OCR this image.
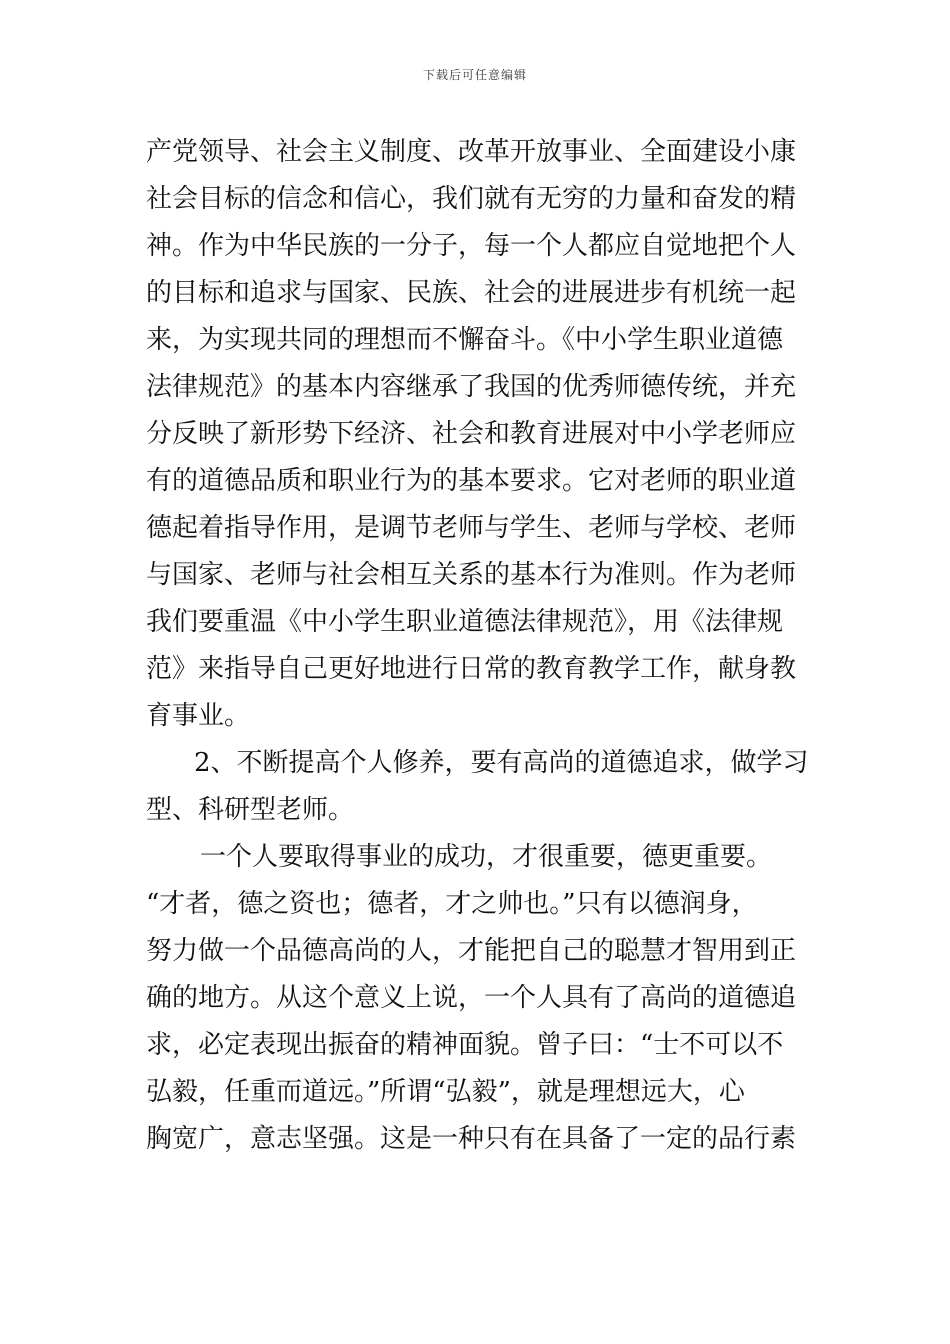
下载后可任意编辑
产党领导、社会主义制度、改革开放事业、全面建设小康
社会目标的信念和信心，我们就有无穷的力量和奋发的精
神。作为中华民族的一分子，每一个人都应自觉地把个人
的目标和追求与国家、民族、社会的进展进步有机统一起
来，为实现共同的理想而不懈奋斗。《中小学生职业道德
法律规范》的基本内容继承了我国的优秀师德传统，并充
分反映了新形势下经济、社会和教育进展对中小学老师应
有的道德品质和职业行为的基本要求。它对老师的职业道
德起着指导作用，是调节老师与学生、老师与学校、老师
与国家、老师与社会相互关系的基本行为准则。作为老师
我们要重温《中小学生职业道德法律规范》，用《法律规
范》来指导自己更好地进行日常的教育教学工作，献身教
育事业。
2、不断提高个人修养，要有高尚的道德追求，做学习
型、科研型老师。
一个人要取得事业的成功，才很重要，德更重要。
“才者，德之资也；德者，才之帅也。”只有以德润身，
努力做一个品德高尚的人，才能把自己的聪慧才智用到正
确的地方。从这个意义上说，一个人具有了高尚的道德追
求，必定表现出振奋的精神面貌。曾子曰：“士不可以不
弘毅，任重而道远。”所谓“弘毅”，就是理想远大，心
胸宽广，意志坚强。这是一种只有在具备了一定的品行素
